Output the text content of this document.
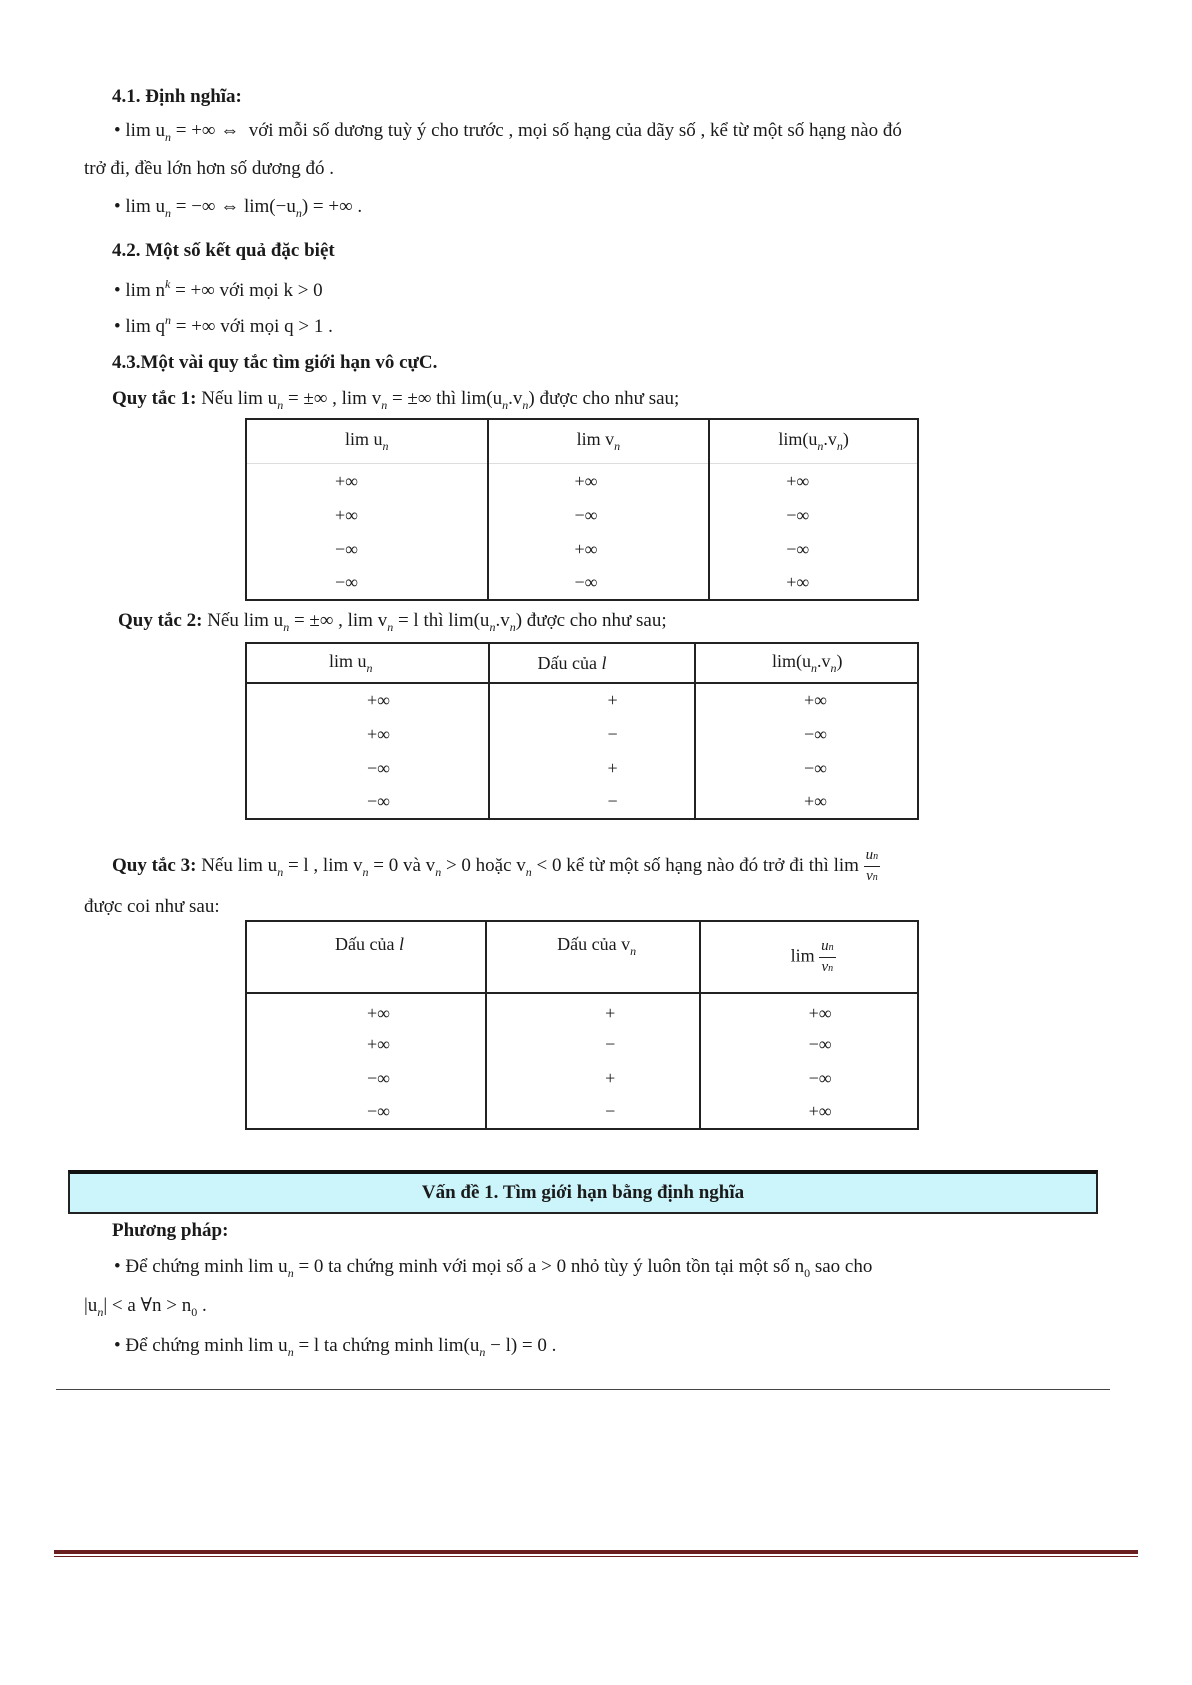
4.1. Định nghĩa:
• $\lim u_n$ = +∞ ⇔ với mỗi số dương tuỳ ý cho trước , mọi số hạng của dãy số , kể từ một số hạng nào đó
trở đi, đều lớn hơn số dương đó .
• $\lim u_n$ = −∞ ⇔ $\lim(-u_n)$ = +∞ .
4.2. Một số kết quả đặc biệt
• $\lim n^k$ = +∞ với mọi k > 0
• $\lim q^n$ = +∞ với mọi q > 1 .
4.3.Một vài quy tắc tìm giới hạn vô cựC.
Quy tắc 1: Nếu $\lim u_n$ = ±∞ , $\lim v_n$ = ±∞ thì $\lim(u_n.v_n)$ được cho như sau;
$\lim u_n$	$\lim v_n$	$\lim(u_n.v_n)$

+∞	+∞	+∞
+∞	−∞	−∞
−∞	+∞	−∞
−∞	−∞	+∞
Quy tắc 2: Nếu $\lim u_n$ = ±∞ , $\lim v_n = l$ thì $\lim(u_n.v_n)$ được cho như sau;
$\lim u_n$	Dấu của l	$\lim(u_n.v_n)$
+∞	+	+∞
+∞	−	−∞
−∞	+	−∞
−∞	−	+∞
Quy tắc 3: Nếu $\lim u_n = l$ , $\lim v_n = 0$ và $v_n > 0$ hoặc $v_n < 0$ kể từ một số hạng nào đó trở đi thì $\lim \frac{un}{vn}$
được coi như sau:
Dấu của l	Dấu của $v_n$	$\lim \frac{un}{vn}$

+∞	+	+∞
+∞	−	−∞
−∞	+	−∞
−∞	−	+∞
Vấn đề 1. Tìm giới hạn bằng định nghĩa
Phương pháp:
• Để chứng minh $\lim u_n = 0$ ta chứng minh với mọi số a > 0 nhỏ tùy ý luôn tồn tại một số $n_0$ sao cho
$|u_n| < a$ ∀n > $n_0$ .
• Để chứng minh $\lim u_n = l$ ta chứng minh $\lim(u_n - l) = 0$ .
